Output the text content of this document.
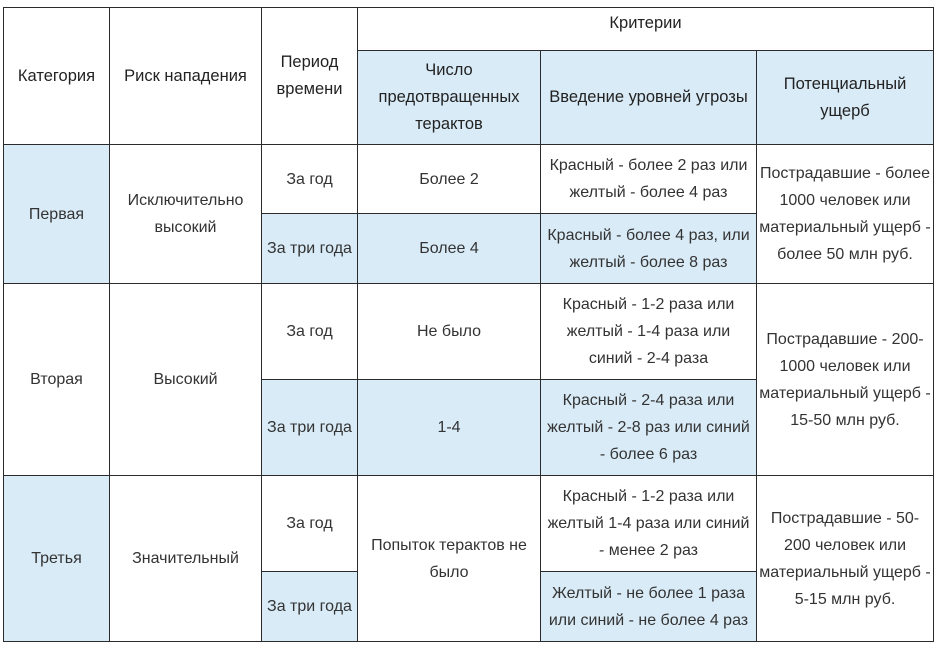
Категория	Риск нападения	Период времени	Критерии		
			Число предотвращенных терактов	Введение уровней угрозы	Потенциальный ущерб
Первая	Исключительно высокий	За год	Более 2	Красный - более 2 раз или желтый - более 4 раз	Пострадавшие - более 1000 человек или материальный ущерб - более 50 млн руб.
		За три года	Более 4	Красный - более 4 раз, или желтый - более 8 раз	
Вторая	Высокий	За год	Не было	Красный - 1-2 раза или желтый - 1-4 раза или синий - 2-4 раза	Пострадавшие - 200-1000 человек или материальный ущерб - 15-50 млн руб.
		За три года	1-4	Красный - 2-4 раза или желтый - 2-8 раз или синий - более 6 раз	
Третья	Значительный	За год	Попыток терактов не было	Красный - 1-2 раза или желтый 1-4 раза или синий - менее 2 раз	Пострадавшие - 50-200 человек или материальный ущерб - 5-15 млн руб.
		За три года		Желтый - не более 1 раза или синий - не более 4 раз	
